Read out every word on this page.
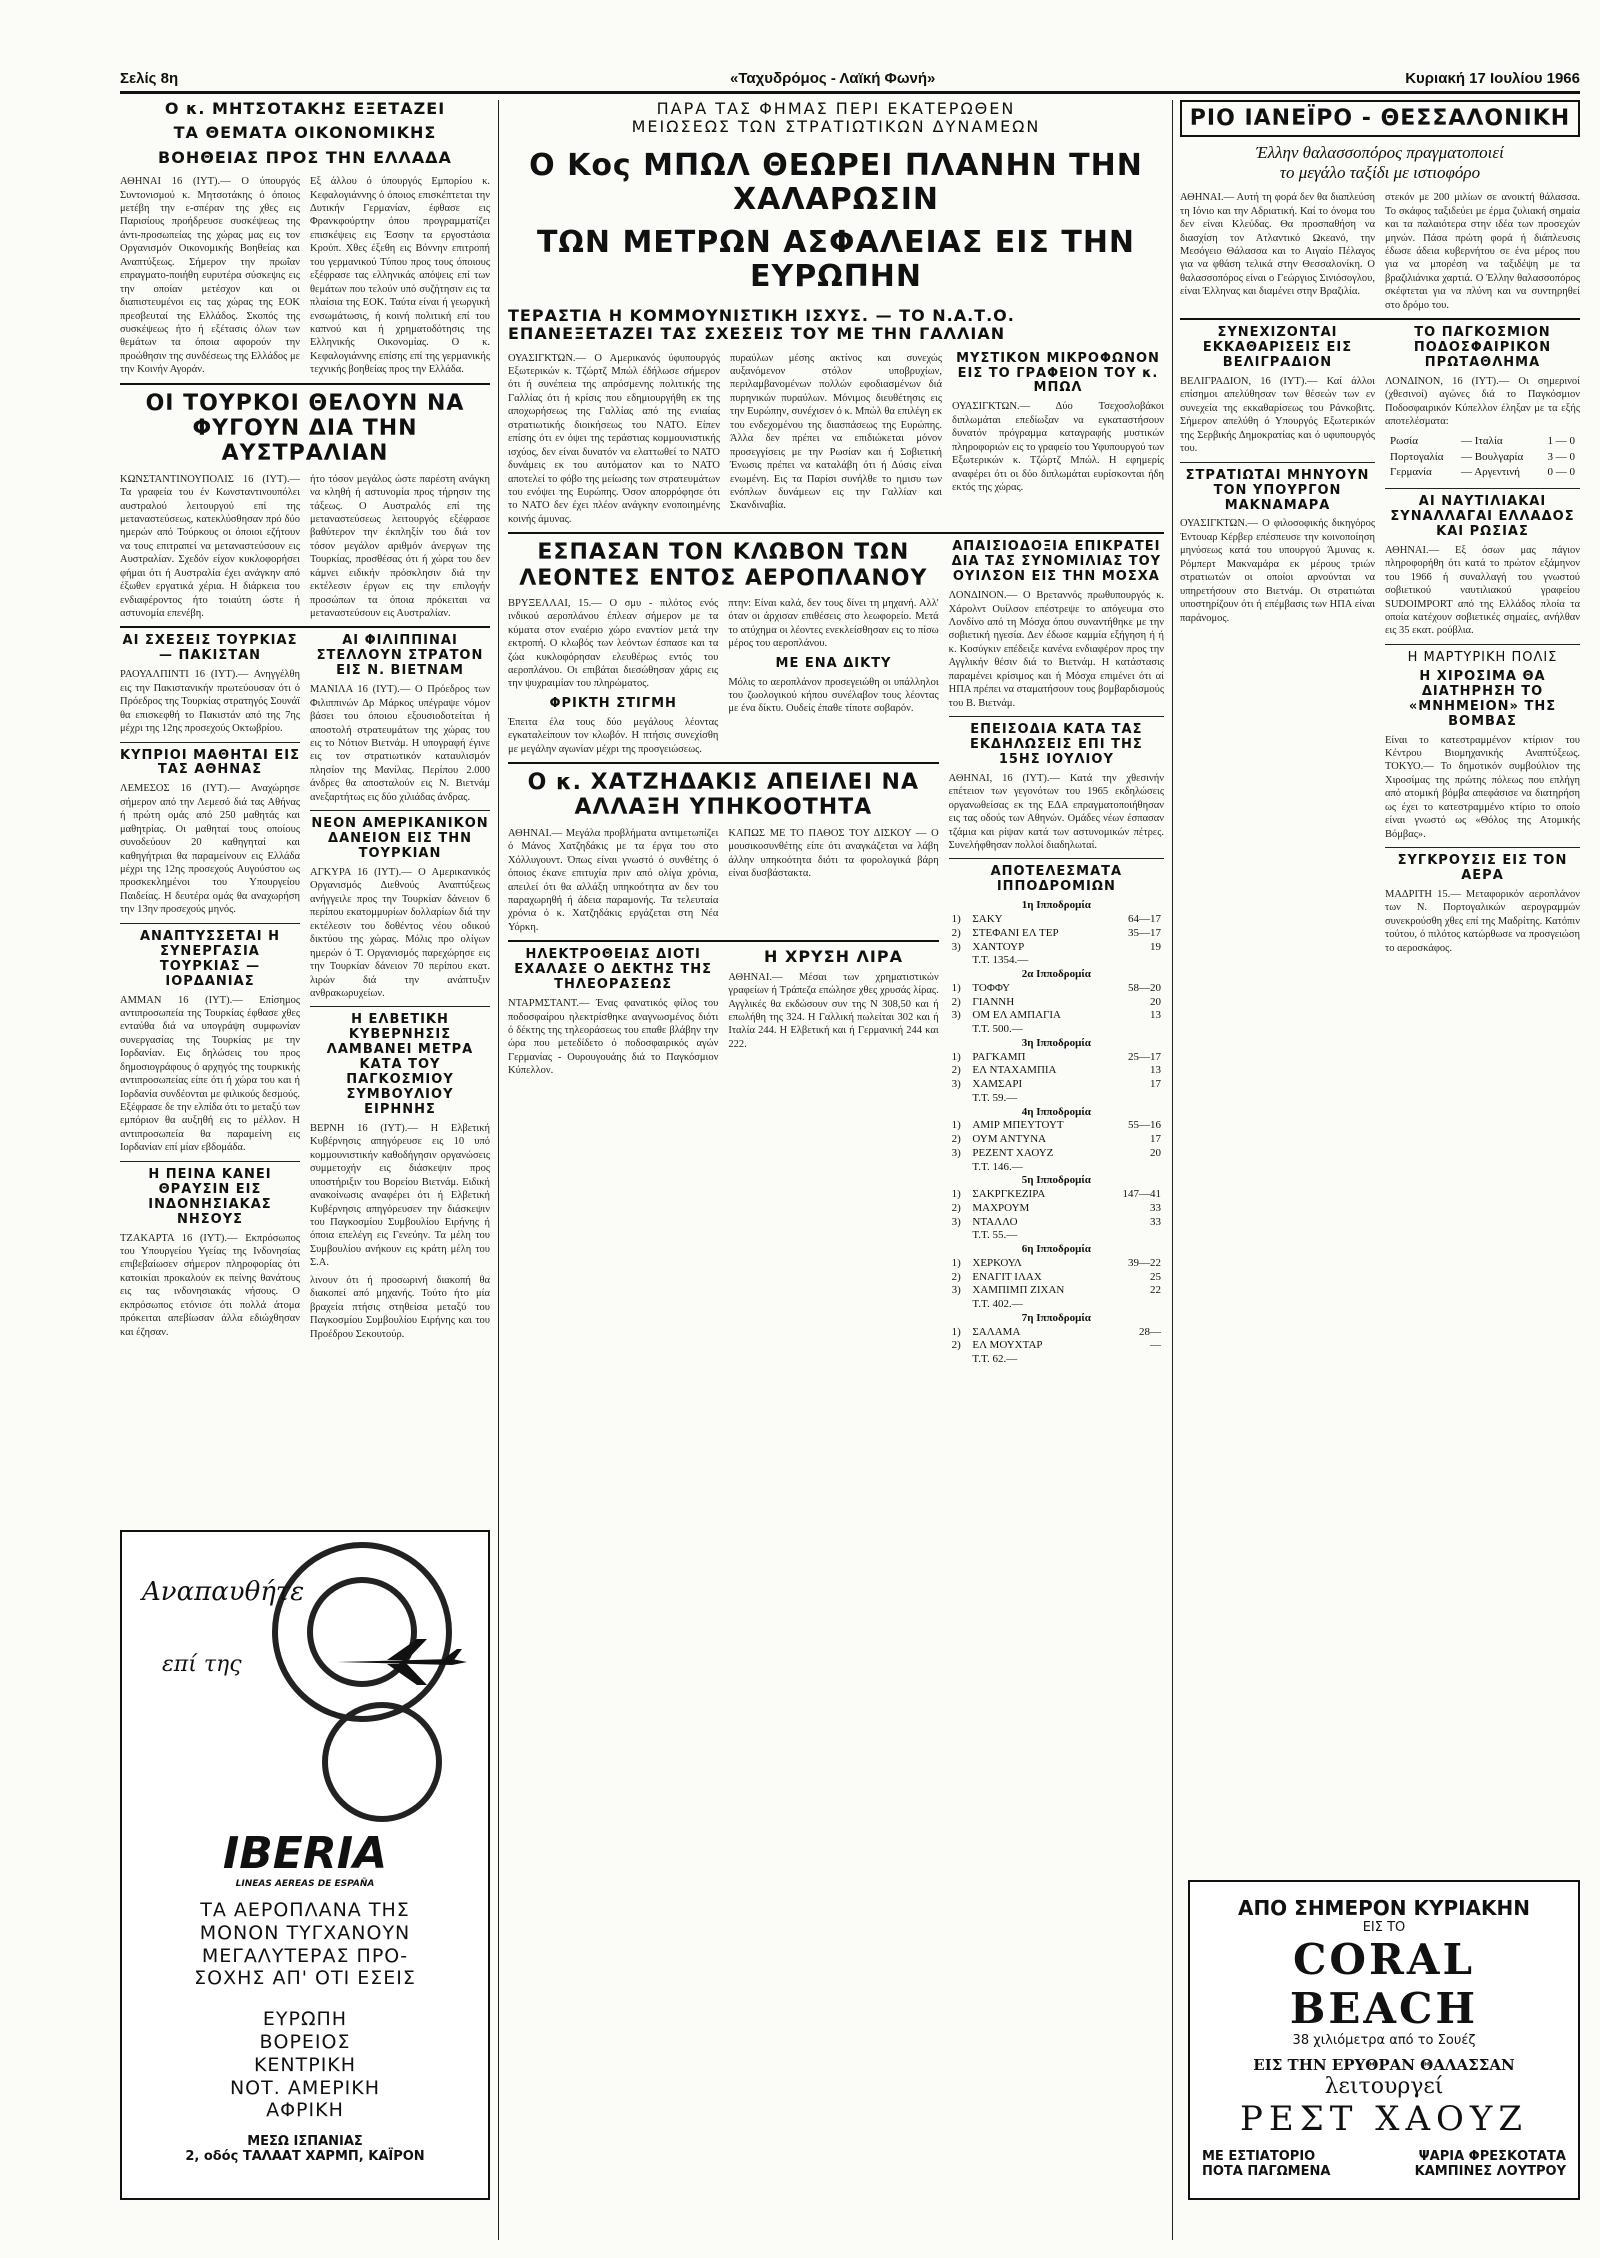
Σελίς 8η	«Ταχυδρόμος - Λαϊκή Φωνή»	Κυριακή 17 Ιουλίου 1966
Ο κ. ΜΗΤΣΟΤΑΚΗΣ ΕΞΕΤΑΖΕΙ
ΤΑ ΘΕΜΑΤΑ ΟΙΚΟΝΟΜΙΚΗΣ
ΒΟΗΘΕΙΑΣ ΠΡΟΣ ΤΗΝ ΕΛΛΑΔΑ
ΑΘΗΝΑΙ 16 (ΙΥΤ).— Ο ύπουργός Συντονισμού κ. Μητσοτάκης ό όποιος μετέβη την ε-σπέραν της χθες εις Παρισίους προήδρευσε συσκέψεως της άντι-προσωπείας της χώρας μας εις τον Οργανισμόν Οικονομικής Βοηθείας και Αναπτύξεως. Σήμερον την πρωΐαν επραγματο-ποιήθη ευρυτέρα σύσκεψις εις την οποίαν μετέσχον και οι διαπιστευμένοι εις τας χώρας της ΕΟΚ πρεσβευταί της Ελλάδος. Σκοπός της συσκέψεως ήτο ή εξέτασις όλων των θεμάτων τα όποια αφορούν την προώθησιν της συνδέσεως της Ελλάδος με την Κοινήν Αγοράν.
Εξ άλλου ό ύπουργός Εμπορίου κ. Κεφαλογιάννης ό όποιος επισκέπτεται την Δυτικήν Γερμανίαν, έφθασε εις Φρανκφούρτην όπου προγραμματίζει επισκέψεις εις Έσσην τα εργοστάσια Κρούπ. Χθες έξεθη εις Βόννην επιτροπή του γερμανικού Τύπου προς τους όποιους εξέφρασε τας ελληνικάς απόψεις επί των θεμάτων που τελούν υπό συζήτησιν εις τα πλαίσια της ΕΟΚ. Ταύτα είναι ή γεωργική ενσωμάτωσις, ή κοινή πολιτική επί του καπνού και ή χρηματοδότησις της Ελληνικής Οικονομίας. Ο κ. Κεφαλογιάννης επίσης επί της γερμανικής τεχνικής βοηθείας προς την Ελλάδα.
ΟΙ ΤΟΥΡΚΟΙ ΘΕΛΟΥΝ ΝΑ ΦΥΓΟΥΝ ΔΙΑ ΤΗΝ ΑΥΣΤΡΑΛΙΑΝ
ΚΩΝΣΤΑΝΤΙΝΟΥΠΟΛΙΣ 16 (ΙΥΤ).— Τα γραφεία του έν Κωνσταντινουπόλει αυστραλού λειτουργού επί της μεταναστεύσεως, κατεκλύσθησαν πρό δύο ημερών από Τούρκους οι όποιοι εζήτουν να τους επιτραπεί να μεταναστεύσουν εις Αυστραλίαν. Σχεδόν είχον κυκλοφορήσει φήμαι ότι ή Αυστραλία έχει ανάγκην από έξωθεν εργατικά χέρια. Η διάρκεια του ενδιαφέροντος ήτο τοιαύτη ώστε ή αστυνομία επενέβη.
ήτο τόσον μεγάλος ώστε παρέστη ανάγκη να κληθή ή αστυνομία προς τήρησιν της τάξεως. Ο Αυστραλός επί της μεταναστεύσεως λειτουργός εξέφρασε βαθύτερον την έκπληξίν του διά τον τόσον μεγάλον αριθμόν άνεργων της Τουρκίας, προσθέσας ότι ή χώρα του δεν κάμνει ειδικήν πρόσκλησιν διά την εκτέλεσιν έργων εις την επιλογήν προσώπων τα όποια πρόκειται να μεταναστεύσουν εις Αυστραλίαν.
ΑΙ ΣΧΕΣΕΙΣ ΤΟΥΡΚΙΑΣ — ΠΑΚΙΣΤΑΝ
ΡΑΟΥΑΛΠΙΝΤΙ 16 (ΙΥΤ).— Ανηγγέλθη εις την Πακιστανικήν πρωτεύουσαν ότι ό Πρόεδρος της Τουρκίας στρατηγός Σουνάϊ θα επισκεφθή το Πακιστάν από της 7ης μέχρι της 12ης προσεχούς Οκτωβρίου.
ΚΥΠΡΙΟΙ ΜΑΘΗΤΑΙ ΕΙΣ ΤΑΣ ΑΘΗΝΑΣ
ΛΕΜΕΣΟΣ 16 (ΙΥΤ).— Αναχώρησε σήμερον από την Λεμεσό διά τας Αθήνας ή πρώτη ομάς από 250 μαθητάς και μαθητρίας. Οι μαθηταί τους οποίους συνοδεύουν 20 καθηγηταί και καθηγήτριαι θα παραμείνουν εις Ελλάδα μέχρι της 12ης προσεχούς Αυγούστου ως προσκεκλημένοι του Υπουργείου Παιδείας. Η δευτέρα ομάς θα αναχωρήση την 13ην προσεχούς μηνός.
ΑΝΑΠΤΥΣΣΕΤΑΙ Η ΣΥΝΕΡΓΑΣΙΑ ΤΟΥΡΚΙΑΣ — ΙΟΡΔΑΝΙΑΣ
ΑΜΜΑΝ 16 (ΙΥΤ).— Επίσημος αντιπροσωπεία της Τουρκίας έφθασε χθες ενταύθα διά να υπογράψη συμφωνίαν συνεργασίας της Τουρκίας με την Ιορδανίαν. Εις δηλώσεις του προς δημοσιογράφους ό αρχηγός της τουρκικής αντιπροσωπείας είπε ότι ή χώρα του και ή Ιορδανία συνδέονται με φιλικούς δεσμούς. Εξέφρασε δε την ελπίδα ότι το μεταξύ των εμπόριον θα αυξηθή εις το μέλλον. Η αντιπροσωπεία θα παραμείνη εις Ιορδανίαν επί μίαν εβδομάδα.
Η ΠΕΙΝΑ ΚΑΝΕΙ ΘΡΑΥΣΙΝ ΕΙΣ ΙΝΔΟΝΗΣΙΑΚΑΣ ΝΗΣΟΥΣ
ΤΖΑΚΑΡΤΑ 16 (ΙΥΤ).— Εκπρόσωπος του Υπουργείου Υγείας της Ινδονησίας επιβεβαίωσεν σήμερον πληροφορίας ότι κατοικίαι προκαλούν εκ πείνης θανάτους εις τας ινδονησιακάς νήσους. Ο εκπρόσωπος ετόνισε ότι πολλά άτομα πρόκειται απεβίωσαν άλλα εδιώχθησαν και έζησαν.
ΑΙ ΦΙΛΙΠΠΙΝΑΙ ΣΤΕΛΛΟΥΝ ΣΤΡΑΤΟΝ ΕΙΣ Ν. ΒΙΕΤΝΑΜ
ΜΑΝΙΛΑ 16 (ΙΥΤ).— Ο Πρόεδρος των Φιλιππινών Δρ Μάρκος υπέγραψε νόμον βάσει του όποιου εξουσιοδοτείται ή αποστολή στρατευμάτων της χώρας του εις το Νότιον Βιετνάμ. Η υπογραφή έγινε εις τον στρατιωτικόν καταυλισμόν πλησίον της Μανίλας. Περίπου 2.000 άνδρες θα αποσταλούν εις Ν. Βιετνάμ ανεξαρτήτως εις δύο χιλιάδας άνδρας.
ΝΕΟΝ ΑΜΕΡΙΚΑΝΙΚΟΝ ΔΑΝΕΙΟΝ ΕΙΣ ΤΗΝ ΤΟΥΡΚΙΑΝ
ΑΓΚΥΡΑ 16 (ΙΥΤ).— Ο Αμερικανικός Οργανισμός Διεθνούς Αναπτύξεως ανήγγειλε προς την Τουρκίαν δάνειον 6 περίπου εκατομμυρίων δολλαρίων διά την εκτέλεσιν του δοθέντος νέου οδικού δικτύου της χώρας. Μόλις προ ολίγων ημερών ό Τ. Οργανισμός παρεχώρησε εις την Τουρκίαν δάνειον 70 περίπου εκατ. λιρών διά την ανάπτυξιν ανθρακωρυχείων.
Η ΕΛΒΕΤΙΚΗ ΚΥΒΕΡΝΗΣΙΣ ΛΑΜΒΑΝΕΙ ΜΕΤΡΑ ΚΑΤΑ ΤΟΥ ΠΑΓΚΟΣΜΙΟΥ ΣΥΜΒΟΥΛΙΟΥ ΕΙΡΗΝΗΣ
ΒΕΡΝΗ 16 (ΙΥΤ).— Η Ελβετική Κυβέρνησις απηγόρευσε εις 10 υπό κομμουνιστικήν καθοδήγησιν οργανώσεις συμμετοχήν εις διάσκεψιν προς υποστήριξιν του Βορείου Βιετνάμ. Ειδική ανακοίνωσις αναφέρει ότι ή Ελβετική Κυβέρνησις απηγόρευσεν την διάσκεψιν του Παγκοσμίου Συμβουλίου Ειρήνης ή όποια επελέγη εις Γενεύην. Τα μέλη του Συμβουλίου ανήκουν εις κράτη μέλη του Σ.Α.
λινουν ότι ή προσωρινή διακοπή θα διακοπεί από μηχανής. Τούτο ήτο μία βραχεία πτήσις στηθείσα μεταξύ του Παγκοσμίου Συμβουλίου Ειρήνης και του Προέδρου Σεκουτούρ.
Αναπαυθήτε
επί της
IBERIA
LINEAS AEREAS DE ESPAÑA
ΤΑ ΑΕΡΟΠΛΑΝΑ ΤΗΣ
ΜΟΝΟΝ ΤΥΓΧΑΝΟΥΝ
ΜΕΓΑΛΥΤΕΡΑΣ ΠΡΟ-
ΣΟΧΗΣ ΑΠ' ΟΤΙ ΕΣΕΙΣ
ΕΥΡΩΠΗ
ΒΟΡΕΙΟΣ
ΚΕΝΤΡΙΚΗ
ΝΟΤ. ΑΜΕΡΙΚΗ
ΑΦΡΙΚΗ
ΜΕΣΩ ΙΣΠΑΝΙΑΣ
2, οδός ΤΑΛΑΑΤ ΧΑΡΜΠ, ΚΑΪΡΟΝ
ΠΑΡΑ ΤΑΣ ΦΗΜΑΣ ΠΕΡΙ ΕΚΑΤΕΡΩΘΕΝ
ΜΕΙΩΣΕΩΣ ΤΩΝ ΣΤΡΑΤΙΩΤΙΚΩΝ ΔΥΝΑΜΕΩΝ
Ο Κος ΜΠΩΛ ΘΕΩΡΕΙ ΠΛΑΝΗΝ ΤΗΝ ΧΑΛΑΡΩΣΙΝ
ΤΩΝ ΜΕΤΡΩΝ ΑΣΦΑΛΕΙΑΣ ΕΙΣ ΤΗΝ ΕΥΡΩΠΗΝ
ΤΕΡΑΣΤΙΑ Η ΚΟΜΜΟΥΝΙΣΤΙΚΗ ΙΣΧΥΣ. — ΤΟ Ν.Α.Τ.Ο.
ΕΠΑΝΕΞΕΤΑΖΕΙ ΤΑΣ ΣΧΕΣΕΙΣ ΤΟΥ ΜΕ ΤΗΝ ΓΑΛΛΙΑΝ
ΟΥΑΣΙΓΚΤΩΝ.— Ο Αμερικανός ύφυπουργός Εξωτερικών κ. Τζώρτζ Μπώλ έδήλωσε σήμερον ότι ή συνέπεια της απρόσμενης πολιτικής της Γαλλίας ότι ή κρίσις που εδημιουργήθη εκ της αποχωρήσεως της Γαλλίας από της ενιαίας στρατιωτικής διοικήσεως του ΝΑΤΟ. Είπεν επίσης ότι εν όψει της τεράστιας κομμουνιστικής ισχύος, δεν είναι δυνατόν να ελαττωθεί το ΝΑΤΟ δυνάμεις εκ του αυτόματον και το ΝΑΤΟ αποτελεί το φόβο της μείωσης των στρατευμάτων του ενόψει της Ευρώπης. Όσον απορρόφησε ότι το ΝΑΤΟ δεν έχει πλέον ανάγκην ενοποιημένης κοινής άμυνας.
πυραύλων μέσης ακτίνος και συνεχώς αυξανόμενον στόλον υποβρυχίων, περιλαμβανομένων πολλών εφοδιασμένων διά πυρηνικών πυραύλων. Μόνιμος διευθέτησις εις την Ευρώπην, συνέχισεν ό κ. Μπώλ θα επιλέγη εκ του ενδεχομένου της διασπάσεως της Ευρώπης. Άλλα δεν πρέπει να επιδιώκεται μόνον προσεγγίσεις με την Ρωσίαν και ή Σοβιετική Ένωσις πρέπει να καταλάβη ότι ή Δύσις είναι ενωμένη. Εις τα Παρίσι συνήλθε το ημισυ των ενόπλων δυνάμεων εις την Γαλλίαν και Σκανδιναβία.
ΜΥΣΤΙΚΟΝ ΜΙΚΡΟΦΩΝΟΝ ΕΙΣ ΤΟ ΓΡΑΦΕΙΟΝ ΤΟΥ κ. ΜΠΩΛ
ΟΥΑΣΙΓΚΤΩΝ.— Δύο Τσεχοσλοβάκοι διπλωμάται επεδίωξαν να εγκαταστήσουν δυνατόν πρόγραμμα καταγραφής μυστικών πληροφοριών εις το γραφείο του Υφυπουργού των Εξωτερικών κ. Τζώρτζ Μπώλ. Η εφημερίς αναφέρει ότι οι δύο διπλωμάται ευρίσκονται ήδη εκτός της χώρας.
ΕΣΠΑΣΑΝ ΤΟΝ ΚΛΩΒΟΝ ΤΩΝ ΛΕΟΝΤΕΣ ΕΝΤΟΣ ΑΕΡΟΠΛΑΝΟΥ
ΒΡΥΞΕΛΛΑΙ, 15.— Ο σμυ - πιλότος ενός ινδικού αεροπλάνου έπλεαν σήμερον με τα κύματα στον εναέριο χώρο εναντίον μετά την εκτροπή. Ο κλωβός των λεόντων έσπασε και τα ζώα κυκλοφόρησαν ελευθέρως εντός του αεροπλάνου. Οι επιβάται διεσώθησαν χάρις εις την ψυχραιμίαν του πληρώματος.
ΦΡΙΚΤΗ ΣΤΙΓΜΗ
Έπειτα έλα τους δύο μεγάλους λέοντας εγκαταλείπουν τον κλωβόν. Η πτήσις συνεχίσθη με μεγάλην αγωνίαν μέχρι της προσγειώσεως.
πτην: Είναι καλά, δεν τους δίνει τη μηχανή. Αλλ' όταν οι άρχισαν επιθέσεις στο λεωφορείο. Μετά το ατύχημα οι λέοντες ενεκλείσθησαν εις το πίσω μέρος του αεροπλάνου.
ΜΕ ΕΝΑ ΔΙΚΤΥ
Μόλις το αεροπλάνον προσεγειώθη οι υπάλληλοι του ζωολογικού κήπου συνέλαβον τους λέοντας με ένα δίκτυ. Ουδείς έπαθε τίποτε σοβαρόν.
Ο κ. ΧΑΤΖΗΔΑΚΙΣ ΑΠΕΙΛΕΙ ΝΑ ΑΛΛΑΞΗ ΥΠΗΚΟΟΤΗΤΑ
ΑΘΗΝΑΙ.— Μεγάλα προβλήματα αντιμετωπίζει ό Μάνος Χατζηδάκις με τα έργα του στο Χόλλυγουντ. Όπως είναι γνωστό ό συνθέτης ό όποιος έκανε επιτυχία πριν από ολίγα χρόνια, απειλεί ότι θα αλλάξη υπηκοότητα αν δεν του παραχωρηθή ή άδεια παραμονής. Τα τελευταία χρόνια ό κ. Χατζηδάκις εργάζεται στη Νέα Υόρκη.
ΚΑΠΩΣ ΜΕ ΤΟ ΠΑΘΟΣ ΤΟΥ ΔΙΣΚΟΥ — Ο μουσικοσυνθέτης είπε ότι αναγκάζεται να λάβη άλλην υπηκοότητα διότι τα φορολογικά βάρη είναι δυσβάστακτα.
ΗΛΕΚΤΡΟΘΕΙΑΣ ΔΙΟΤΙ ΕΧΑΛΑΣΕ Ο ΔΕΚΤΗΣ ΤΗΣ ΤΗΛΕΟΡΑΣΕΩΣ
ΝΤΑΡΜΣΤΑΝΤ.— Ένας φανατικός φίλος του ποδοσφαίρου ηλεκτρίσθηκε αναγνωσμένος διότι ό δέκτης της τηλεοράσεως του επαθε βλάβην την ώρα που μετεδίδετο ό ποδοσφαιρικός αγών Γερμανίας - Ουρουγουάης διά το Παγκόσμιον Κύπελλον.
Η ΧΡΥΣΗ ΛΙΡΑ
ΑΘΗΝΑΙ.— Μέσαι των χρηματιστικών γραφείων ή Τράπεζα επώλησε χθες χρυσάς λίρας. Αγγλικές θα εκδώσουν συν της Ν 308,50 και ή επωλήθη της 324. Η Γαλλική πωλείται 302 και ή Ιταλία 244. Η Ελβετική και ή Γερμανική 244 και 222.
ΑΠΑΙΣΙΟΔΟΞΙΑ ΕΠΙΚΡΑΤΕΙ ΔΙΑ ΤΑΣ ΣΥΝΟΜΙΛΙΑΣ ΤΟΥ ΟΥΙΛΣΟΝ ΕΙΣ ΤΗΝ ΜΟΣΧΑ
ΛΟΝΔΙΝΟΝ.— Ο Βρεταννός πρωθυπουργός κ. Χάρολντ Ουίλσον επέστρεψε το απόγευμα στο Λονδίνο από τη Μόσχα όπου συναντήθηκε με την σοβιετική ηγεσία. Δεν έδωσε καμμία εξήγηση ή ή κ. Κοσύγκιν επέδειξε κανένα ενδιαφέρον προς την Αγγλικήν θέσιν διά το Βιετνάμ. Η κατάστασις παραμένει κρίσιμος και ή Μόσχα επιμένει ότι αί ΗΠΑ πρέπει να σταματήσουν τους βομβαρδισμούς του Β. Βιετνάμ.
ΕΠΕΙΣΟΔΙΑ ΚΑΤΑ ΤΑΣ ΕΚΔΗΛΩΣΕΙΣ ΕΠΙ ΤΗΣ 15ΗΣ ΙΟΥΛΙΟΥ
ΑΘΗΝΑΙ, 16 (ΙΥΤ).— Κατά την χθεσινήν επέτειον των γεγονότων του 1965 εκδηλώσεις οργανωθείσας εκ της ΕΔΑ επραγματοποιήθησαν εις τας οδούς των Αθηνών. Ομάδες νέων έσπασαν τζάμια και ρίψαν κατά των αστυνομικών πέτρες. Συνελήφθησαν πολλοί διαδηλωταί.
ΑΠΟΤΕΛΕΣΜΑΤΑ ΙΠΠΟΔΡΟΜΙΩΝ
1η Ιπποδρομία		
1)	ΣΑΚΥ	64—17
2)	ΣΤΕΦΑΝΙ ΕΛ ΤΕΡ	35—17
3)	ΧΑΝΤΟΥΡ	19
	Τ.Τ. 1354.—	
2α Ιπποδρομία		
1)	ΤΟΦΦΥ	58—20
2)	ΓΙΑΝΝΗ	20
3)	ΟΜ ΕΛ ΑΜΠΑΓΙΑ	13
	Τ.Τ. 500.—	
3η Ιπποδρομία		
1)	ΡΑΓΚΑΜΠ	25—17
2)	ΕΛ ΝΤΑΧΑΜΠΙΑ	13
3)	ΧΑΜΣΑΡΙ	17
	Τ.Τ. 59.—	
4η Ιπποδρομία		
1)	ΑΜΙΡ ΜΠΕΥΤΟΥΤ	55—16
2)	ΟΥΜ ΑΝΤΥΝΑ	17
3)	ΡΕΖΕΝΤ ΧΑΟΥΖ	20
	Τ.Τ. 146.—	
5η Ιπποδρομία		
1)	ΣΑΚΡΓΚΕΖΙΡΑ	147—41
2)	ΜΑΧΡΟΥΜ	33
3)	ΝΤΑΛΛΟ	33
	Τ.Τ. 55.—	
6η Ιπποδρομία		
1)	ΧΕΡΚΟΥΛ	39—22
2)	ΕΝΑΓΙΤ ΙΛΑΧ	25
3)	ΧΑΜΠΙΜΠ ΖΙΧΑΝ	22
	Τ.Τ. 402.—	
7η Ιπποδρομία		
1)	ΣΑΛΑΜΑ	28—
2)	ΕΛ ΜΟΥΧΤΑΡ	—
	Τ.Τ. 62.—	
ΡΙΟ ΙΑΝΕΪΡΟ - ΘΕΣΣΑΛΟΝΙΚΗ
Έλλην θαλασσοπόρος πραγματοποιεί
το μεγάλο ταξίδι με ιστιοφόρο
ΑΘΗΝΑΙ.— Αυτή τη φορά δεν θα διαπλεύση τη Ιόνιο και την Αδριατική. Καί το όνομα του δεν είναι Κλεύδας. Θα προσπαθήση να διασχίση τον Ατλαντικό Ωκεανό, την Μεσόγειο Θάλασσα και το Αιγαίο Πέλαγος για να φθάση τελικά στην Θεσσαλονίκη. Ο θαλασσοπόρος είναι ο Γεώργιος Σινιόσογλου, είναι Έλληνας και διαμένει στην Βραζιλία.
στεκόν με 200 μιλίων σε ανοικτή θάλασσα. Το σκάφος ταξιδεύει με έρμα ζυλιακή σημαία και τα παλαιότερα στην ιδέα των προσεχών μηνών. Πάσα πρώτη φορά ή διάπλευσις έδωσε άδεια κυβερνήτου σε ένα μέρος που για να μπορέση να ταξιδέψη με τα βραζιλιάνικα χαρτιά. Ο Έλλην θαλασσοπόρος σκέφτεται για να πλύνη και να συντηρηθεί στο δρόμο του.
ΣΥΝΕΧΙΖΟΝΤΑΙ ΕΚΚΑΘΑΡΙΣΕΙΣ ΕΙΣ ΒΕΛΙΓΡΑΔΙΟΝ
ΒΕΛΙΓΡΑΔΙΟΝ, 16 (ΙΥΤ).— Καί άλλοι επίσημοι απελύθησαν των θέσεών των εν συνεχεία της εκκαθαρίσεως του Ράνκοβιτς. Σήμερον απελύθη ό Υπουργός Εξωτερικών της Σερβικής Δημοκρατίας και ό υφυπουργός του.
ΣΤΡΑΤΙΩΤΑΙ ΜΗΝΥΟΥΝ ΤΟΝ ΥΠΟΥΡΓΟΝ ΜΑΚΝΑΜΑΡΑ
ΟΥΑΣΙΓΚΤΩΝ.— Ο φιλοσοφικής δικηγόρος Έντουαρ Κέρβερ επέσπευσε την κοινοποίηση μηνύσεως κατά του υπουργού Άμυνας κ. Ρόμπερτ Μακναμάρα εκ μέρους τριών στρατιωτών οι οποίοι αρνούνται να υπηρετήσουν στο Βιετνάμ. Οι στρατιώται υποστηρίζουν ότι ή επέμβασις των ΗΠΑ είναι παράνομος.
ΤΟ ΠΑΓΚΟΣΜΙΟΝ ΠΟΔΟΣΦΑΙΡΙΚΟΝ ΠΡΩΤΑΘΛΗΜΑ
ΛΟΝΔΙΝΟΝ, 16 (ΙΥΤ).— Οι σημερινοί (χθεσινοί) αγώνες διά το Παγκόσμιον Ποδοσφαιρικόν Κύπελλον έληξαν με τα εξής αποτελέσματα:
Ρωσία	— Ιταλία	1 — 0
Πορτογαλία	— Βουλγαρία	3 — 0
Γερμανία	— Αργεντινή	0 — 0
ΑΙ ΝΑΥΤΙΛΙΑΚΑΙ ΣΥΝΑΛΛΑΓΑΙ ΕΛΛΑΔΟΣ ΚΑΙ ΡΩΣΙΑΣ
ΑΘΗΝΑΙ.— Εξ όσων μας πάγιον πληροφορήθη ότι κατά το πρώτον εξάμηνον του 1966 ή συναλλαγή του γνωστού σοβιετικού ναυτιλιακού γραφείου SUDOIMPORT από της Ελλάδος πλοία τα οποία κατέχουν σοβιετικές σημαίες, ανήλθαν εις 35 εκατ. ρούβλια.
Η ΜΑΡΤΥΡΙΚΗ ΠΟΛΙΣ
Η ΧΙΡΟΣΙΜΑ ΘΑ ΔΙΑΤΗΡΗΣΗ ΤΟ «ΜΝΗΜΕΙΟΝ» ΤΗΣ ΒΟΜΒΑΣ
Είναι το κατεστραμμένον κτίριον του Κέντρου Βιομηχανικής Αναπτύξεως. ΤΟΚΥΟ.— Το δημοτικόν συμβούλιον της Χιροσίμας της πρώτης πόλεως που επλήγη από ατομική βόμβα απεφάσισε να διατηρήση ως έχει το κατεστραμμένο κτίριο το οποίο είναι γνωστό ως «Θόλος της Ατομικής Βόμβας».
ΣΥΓΚΡΟΥΣΙΣ ΕΙΣ ΤΟΝ ΑΕΡΑ
ΜΑΔΡΙΤΗ 15.— Μεταφορικόν αεροπλάνον των Ν. Πορτογαλικών αερογραμμών συνεκρούσθη χθες επί της Μαδρίτης. Κατόπιν τούτου, ό πιλότος κατώρθωσε να προσγειώση το αεροσκάφος.
ΑΠΟ ΣΗΜΕΡΟΝ ΚΥΡΙΑΚΗΝ
ΕΙΣ ΤΟ
CORAL BEACH
38 χιλιόμετρα από το Σουέζ
ΕΙΣ ΤΗΝ ΕΡΥΘΡΑΝ ΘΑΛΑΣΣΑΝ
λειτουργεί
ΡΕΣΤ ΧΑΟΥΖ
ΜΕ ΕΣΤΙΑΤΟΡΙΟ	ΨΑΡΙΑ ΦΡΕΣΚΟΤΑΤΑ
ΠΟΤΑ ΠΑΓΩΜΕΝΑ	ΚΑΜΠΙΝΕΣ ΛΟΥΤΡΟΥ
